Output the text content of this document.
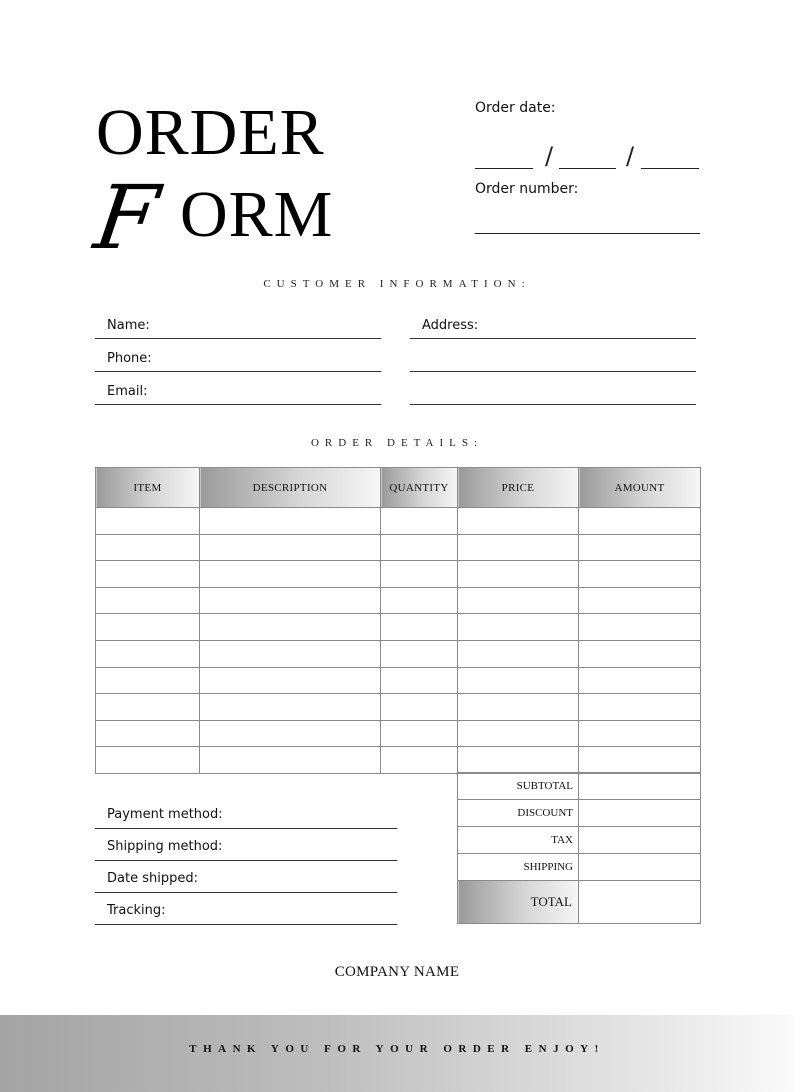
ORDER
F ORM
Order date:
/	/
Order number:
CUSTOMER INFORMATION:
Name:
Phone:
Email:
Address:
ORDER DETAILS:
ITEM	DESCRIPTION	QUANTITY	PRICE	AMOUNT

Payment method:
Shipping method:
Date shipped:
Tracking:
SUBTOTAL	
DISCOUNT	
TAX	
SHIPPING	
TOTAL	
COMPANY NAME
THANK YOU FOR YOUR ORDER ENJOY!
